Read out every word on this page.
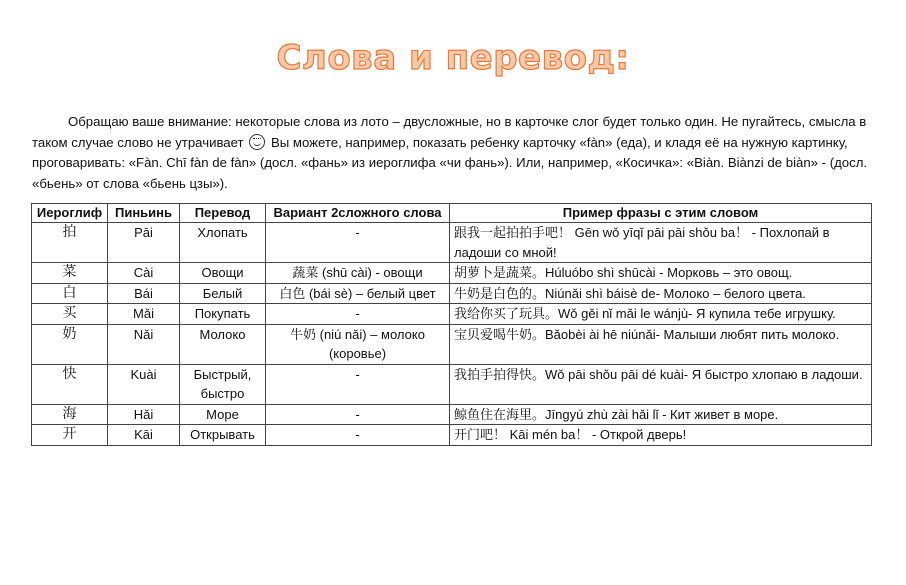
Слова и перевод:
Обращаю ваше внимание: некоторые слова из лото – двусложные, но в карточке слог будет только один. Не пугайтесь, смысла в таком случае слово не утрачивает Вы можете, например, показать ребенку карточку «fàn» (еда), и кладя её на нужную картинку, проговаривать: «Fàn. Chī fàn de fàn» (досл. «фань» из иероглифа «чи фань»). Или, например, «Косичка»: «Biàn. Biànzi de biàn» - (досл. «бьень» от слова «бьень цзы»).
Иероглиф	Пиньинь	Перевод	Вариант 2сложного слова	Пример фразы с этим словом
拍	Pāi	Хлопать	-	跟我一起拍拍手吧！ Gēn wǒ yīqǐ pāi pāi shǒu ba！ - Похлопай в ладоши со мной!
菜	Cài	Овощи	蔬菜 (shū cài) - овощи	胡萝卜是蔬菜。Húluóbo shì shūcài - Морковь – это овощ.
白	Bái	Белый	白色 (bái sè) – белый цвет	牛奶是白色的。Niúnǎi shì báisè de- Молоко – белого цвета.
买	Mǎi	Покупать	-	我给你买了玩具。Wǒ gěi nǐ mǎi le wánjù- Я купила тебе игрушку.
奶	Nǎi	Молоко	牛奶 (niú nǎi) – молоко (коровье)	宝贝爱喝牛奶。Bǎobèi ài hē niúnǎi- Малыши любят пить молоко.
快	Kuài	Быстрый, быстро	-	我拍手拍得快。Wǒ pāi shǒu pāi dé kuài- Я быстро хлопаю в ладоши.
海	Hǎi	Море	-	鲸鱼住在海里。Jīngyú zhù zài hǎi lǐ - Кит живет в море.
开	Kāi	Открывать	-	开门吧！ Kāi mén ba！ - Открой дверь!
